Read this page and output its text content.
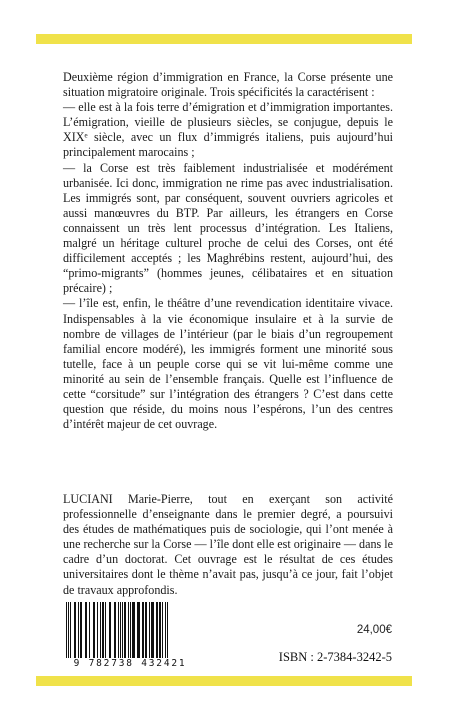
Deuxième région d’immigration en France, la Corse présente une situation migratoire originale. Trois spécificités la caractérisent :

— elle est à la fois terre d’émigration et d’immigration importantes. L’émigration, vieille de plusieurs siècles, se conjugue, depuis le XIXᵉ siècle, avec un flux d’immigrés italiens, puis aujourd’hui principalement marocains ;

— la Corse est très faiblement industrialisée et modérément urbanisée. Ici donc, immigration ne rime pas avec industrialisation. Les immigrés sont, par conséquent, souvent ouvriers agricoles et aussi manœuvres du BTP. Par ailleurs, les étrangers en Corse connaissent un très lent processus d’intégration. Les Italiens, malgré un héritage culturel proche de celui des Corses, ont été difficilement acceptés ; les Maghrébins restent, aujourd’hui, des “primo-migrants” (hommes jeunes, célibataires et en situation précaire) ;

— l’île est, enfin, le théâtre d’une revendication identitaire vivace. Indispensables à la vie économique insulaire et à la survie de nombre de villages de l’intérieur (par le biais d’un regroupement familial encore modéré), les immigrés forment une minorité sous tutelle, face à un peuple corse qui se vit lui-même comme une minorité au sein de l’ensemble français. Quelle est l’influence de cette “corsitude” sur l’intégration des étrangers ? C’est dans cette question que réside, du moins nous l’espérons, l’un des centres d’intérêt majeur de cet ouvrage.

LUCIANI Marie-Pierre, tout en exerçant son activité professionnelle d’enseignante dans le premier degré, a poursuivi des études de mathématiques puis de sociologie, qui l’ont menée à une recherche sur la Corse — l’île dont elle est originaire — dans le cadre d’un doctorat. Cet ouvrage est le résultat de ces études universitaires dont le thème n’avait pas, jusqu’à ce jour, fait l’objet de travaux approfondis.

9 782738 432421
24,00€
ISBN : 2-7384-3242-5
